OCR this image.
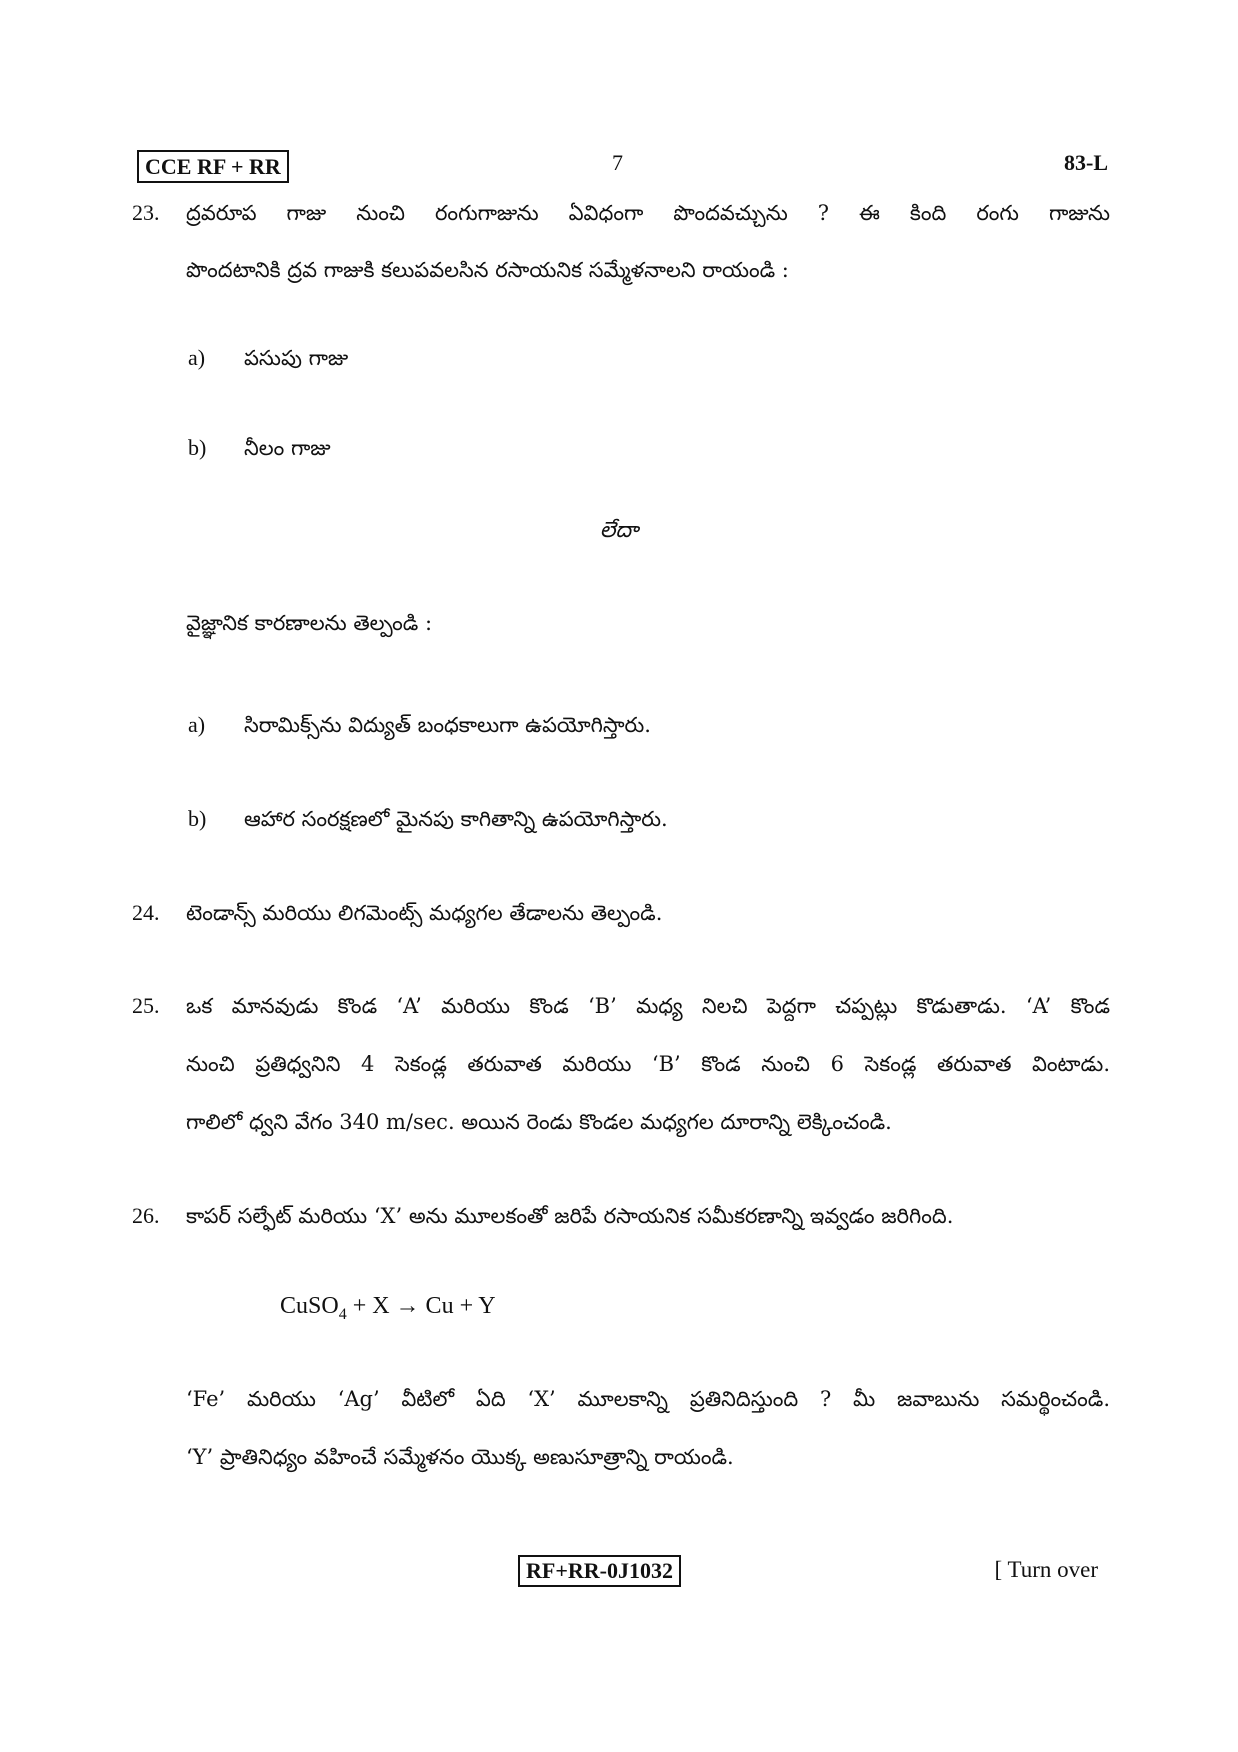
CCE RF + RR	7	83-L
23. ద్రవరూప గాజు నుంచి రంగుగాజును ఏవిధంగా పొందవచ్చును ? ఈ కింది రంగు గాజును
పొందటానికి ద్రవ గాజుకి కలుపవలసిన రసాయనిక సమ్మేళనాలని రాయండి :
a) పసుపు గాజు
b) నీలం గాజు
లేదా
వైజ్ఞానిక కారణాలను తెల్పండి :
a) సిరామిక్స్‌ను విద్యుత్ బంధకాలుగా ఉపయోగిస్తారు.
b) ఆహార సంరక్షణలో మైనపు కాగితాన్ని ఉపయోగిస్తారు.
24. టెండాన్స్ మరియు లిగమెంట్స్ మధ్యగల తేడాలను తెల్పండి.
25. ఒక మానవుడు కొండ ‘A’ మరియు కొండ ‘B’ మధ్య నిలచి పెద్దగా చప్పట్లు కొడుతాడు. ‘A’ కొండ
నుంచి ప్రతిధ్వనిని 4 సెకండ్ల తరువాత మరియు ‘B’ కొండ నుంచి 6 సెకండ్ల తరువాత వింటాడు.
గాలిలో ధ్వని వేగం 340 m/sec. అయిన రెండు కొండల మధ్యగల దూరాన్ని లెక్కించండి.
26. కాపర్ సల్ఫేట్ మరియు ‘X’ అను మూలకంతో జరిపే రసాయనిక సమీకరణాన్ని ఇవ్వడం జరిగింది.
CuSO$_4$ + X → Cu + Y
‘Fe’ మరియు ‘Ag’ వీటిలో ఏది ‘X’ మూలకాన్ని ప్రతినిదిస్తుంది ? మీ జవాబును సమర్థించండి.
‘Y’ ప్రాతినిధ్యం వహించే సమ్మేళనం యొక్క అణుసూత్రాన్ని రాయండి.
RF+RR-0J1032	[ Turn over
